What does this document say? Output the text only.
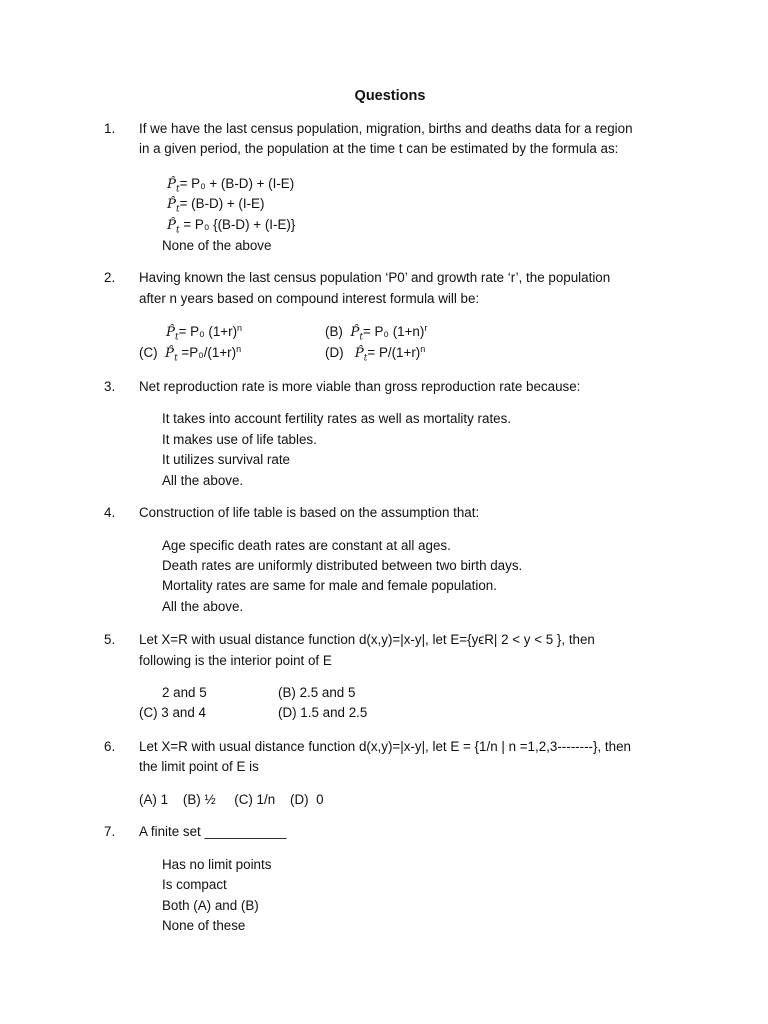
Questions
1. If we have the last census population, migration, births and deaths data for a region
in a given period, the population at the time t can be estimated by the formula as:
$P̂_t= P_0 + (B-D) + (I-E)$
$P̂_t= (B-D) + (I-E)$
$P̂_t = P_0$ {(B-D) + (I-E)}
None of the above
2. Having known the last census population ‘P0’ and growth rate ‘r’, the population
after n years based on compound interest formula will be:
$P̂_t= P_0$ $(1+r)^n$	(B) $P̂_t= P_0$ $(1+n)^r$
(C) $P̂_t =P_0/(1+r)^n$	(D) $P̂_t= P/(1+r)^n$
3. Net reproduction rate is more viable than gross reproduction rate because:
It takes into account fertility rates as well as mortality rates.
It makes use of life tables.
It utilizes survival rate
All the above.
4. Construction of life table is based on the assumption that:
Age specific death rates are constant at all ages.
Death rates are uniformly distributed between two birth days.
Mortality rates are same for male and female population.
All the above.
5. Let X=R with usual distance function d(x,y)=|x-y|, let E={yϵR| 2 < y < 5 }, then
following is the interior point of E
2 and 5	(B) 2.5 and 5
(C) 3 and 4	(D) 1.5 and 2.5
6. Let X=R with usual distance function d(x,y)=|x-y|, let E = {1/n | n =1,2,3--------}, then
the limit point of E is
(A) 1    (B) ½     (C) 1/n    (D)  0
7. A finite set ___________
Has no limit points
Is compact
Both (A) and (B)
None of these
